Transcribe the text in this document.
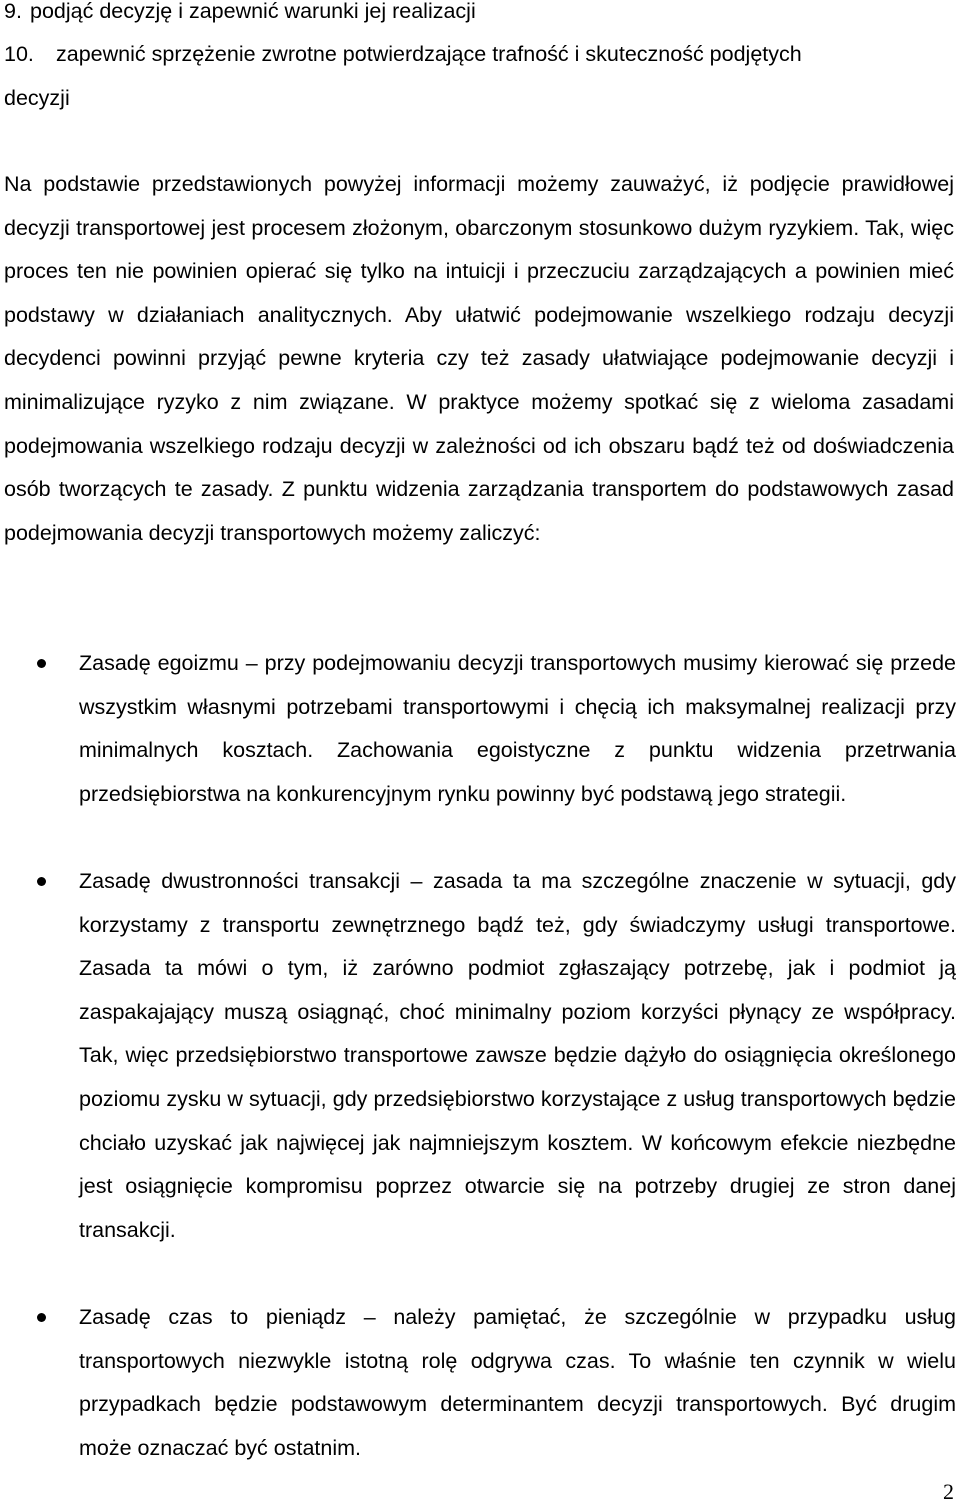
9. podjąć decyzję i zapewnić warunki jej realizacji
10. zapewnić sprzężenie zwrotne potwierdzające trafność i skuteczność podjętych
decyzji

Na podstawie przedstawionych powyżej informacji możemy zauważyć, iż podjęcie prawidłowej decyzji transportowej jest procesem złożonym, obarczonym stosunkowo dużym ryzykiem. Tak, więc proces ten nie powinien opierać się tylko na intuicji i przeczuciu zarządzających a powinien mieć podstawy w działaniach analitycznych. Aby ułatwić podejmowanie wszelkiego rodzaju decyzji decydenci powinni przyjąć pewne kryteria czy też zasady ułatwiające podejmowanie decyzji i minimalizujące ryzyko z nim związane. W praktyce możemy spotkać się z wieloma zasadami podejmowania wszelkiego rodzaju decyzji w zależności od ich obszaru bądź też od doświadczenia osób tworzących te zasady. Z punktu widzenia zarządzania transportem do podstawowych zasad podejmowania decyzji transportowych możemy zaliczyć:

Zasadę egoizmu – przy podejmowaniu decyzji transportowych musimy kierować się przede wszystkim własnymi potrzebami transportowymi i chęcią ich maksymalnej realizacji przy minimalnych kosztach. Zachowania egoistyczne z punktu widzenia przetrwania przedsiębiorstwa na konkurencyjnym rynku powinny być podstawą jego strategii.
Zasadę dwustronności transakcji – zasada ta ma szczególne znaczenie w sytuacji, gdy korzystamy z transportu zewnętrznego bądź też, gdy świadczymy usługi transportowe. Zasada ta mówi o tym, iż zarówno podmiot zgłaszający potrzebę, jak i podmiot ją zaspakajający muszą osiągnąć, choć minimalny poziom korzyści płynący ze współpracy. Tak, więc przedsiębiorstwo transportowe zawsze będzie dążyło do osiągnięcia określonego poziomu zysku w sytuacji, gdy przedsiębiorstwo korzystające z usług transportowych będzie chciało uzyskać jak najwięcej jak najmniejszym kosztem. W końcowym efekcie niezbędne jest osiągnięcie kompromisu poprzez otwarcie się na potrzeby drugiej ze stron danej transakcji.
Zasadę czas to pieniądz – należy pamiętać, że szczególnie w przypadku usług transportowych niezwykle istotną rolę odgrywa czas. To właśnie ten czynnik w wielu przypadkach będzie podstawowym determinantem decyzji transportowych. Być drugim może oznaczać być ostatnim.
2
